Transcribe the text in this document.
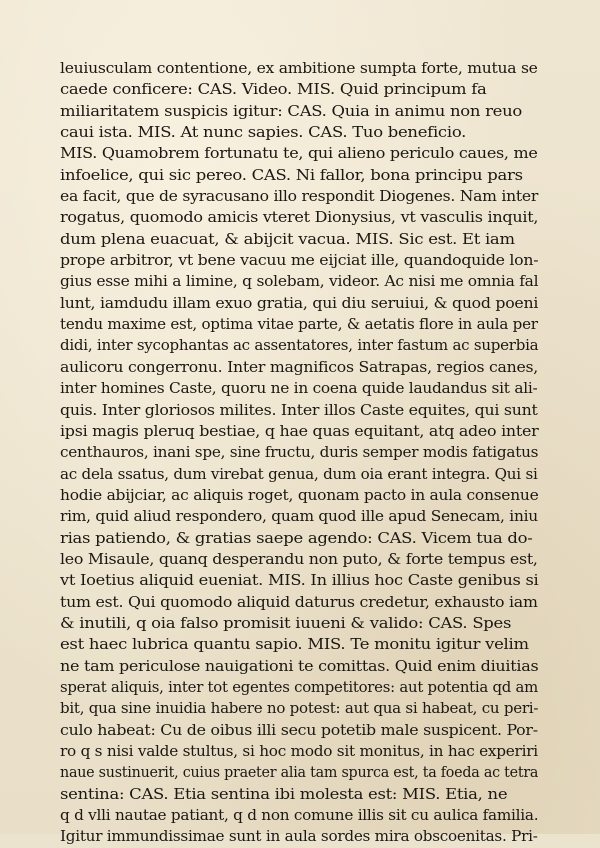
leuiusculam contentione, ex ambitione sumpta forte, mutua se
caede conficere: CAS. Video. MIS. Quid principum fa
miliaritatem suspicis igitur: CAS. Quia in animu non reuo
caui ista. MIS. At nunc sapies. CAS. Tuo beneficio.
MIS. Quamobrem fortunatu te, qui alieno periculo caues, me
infoelice, qui sic pereo. CAS. Ni fallor, bona principu pars
ea facit, que de syracusano illo respondit Diogenes. Nam inter
rogatus, quomodo amicis vteret Dionysius, vt vasculis inquit,
dum plena euacuat, & abijcit vacua. MIS. Sic est. Et iam
prope arbitror, vt bene vacuu me eijciat ille, quandoquide lon-
gius esse mihi a limine, q solebam, videor. Ac nisi me omnia fal
lunt, iamdudu illam exuo gratia, qui diu seruiui, & quod poeni
tendu maxime est, optima vitae parte, & aetatis flore in aula per
didi, inter sycophantas ac assentatores, inter fastum ac superbia
aulicoru congerronu. Inter magnificos Satrapas, regios canes,
inter homines Caste, quoru ne in coena quide laudandus sit ali-
quis. Inter gloriosos milites. Inter illos Caste equites, qui sunt
ipsi magis pleruq bestiae, q hae quas equitant, atq adeo inter
centhauros, inani spe, sine fructu, duris semper modis fatigatus
ac dela ssatus, dum virebat genua, dum oia erant integra. Qui si
hodie abijciar, ac aliquis roget, quonam pacto in aula consenue
rim, quid aliud respondero, quam quod ille apud Senecam, iniu
rias patiendo, & gratias saepe agendo: CAS. Vicem tua do-
leo Misaule, quanq desperandu non puto, & forte tempus est,
vt Ioetius aliquid eueniat. MIS. In illius hoc Caste genibus si
tum est. Qui quomodo aliquid daturus credetur, exhausto iam
& inutili, q oia falso promisit iuueni & valido: CAS. Spes
est haec lubrica quantu sapio. MIS. Te monitu igitur velim
ne tam periculose nauigationi te comittas. Quid enim diuitias
sperat aliquis, inter tot egentes competitores: aut potentia qd am
bit, qua sine inuidia habere no potest: aut qua si habeat, cu peri-
culo habeat: Cu de oibus illi secu potetib male suspicent. Por-
ro q s nisi valde stultus, si hoc modo sit monitus, in hac experiri
naue sustinuerit, cuius praeter alia tam spurca est, ta foeda ac tetra
sentina: CAS. Etia sentina ibi molesta est: MIS. Etia, ne
q d vlli nautae patiant, q d non comune illis sit cu aulica familia.
Igitur immundissimae sunt in aula sordes mira obscoenitas. Pri-
